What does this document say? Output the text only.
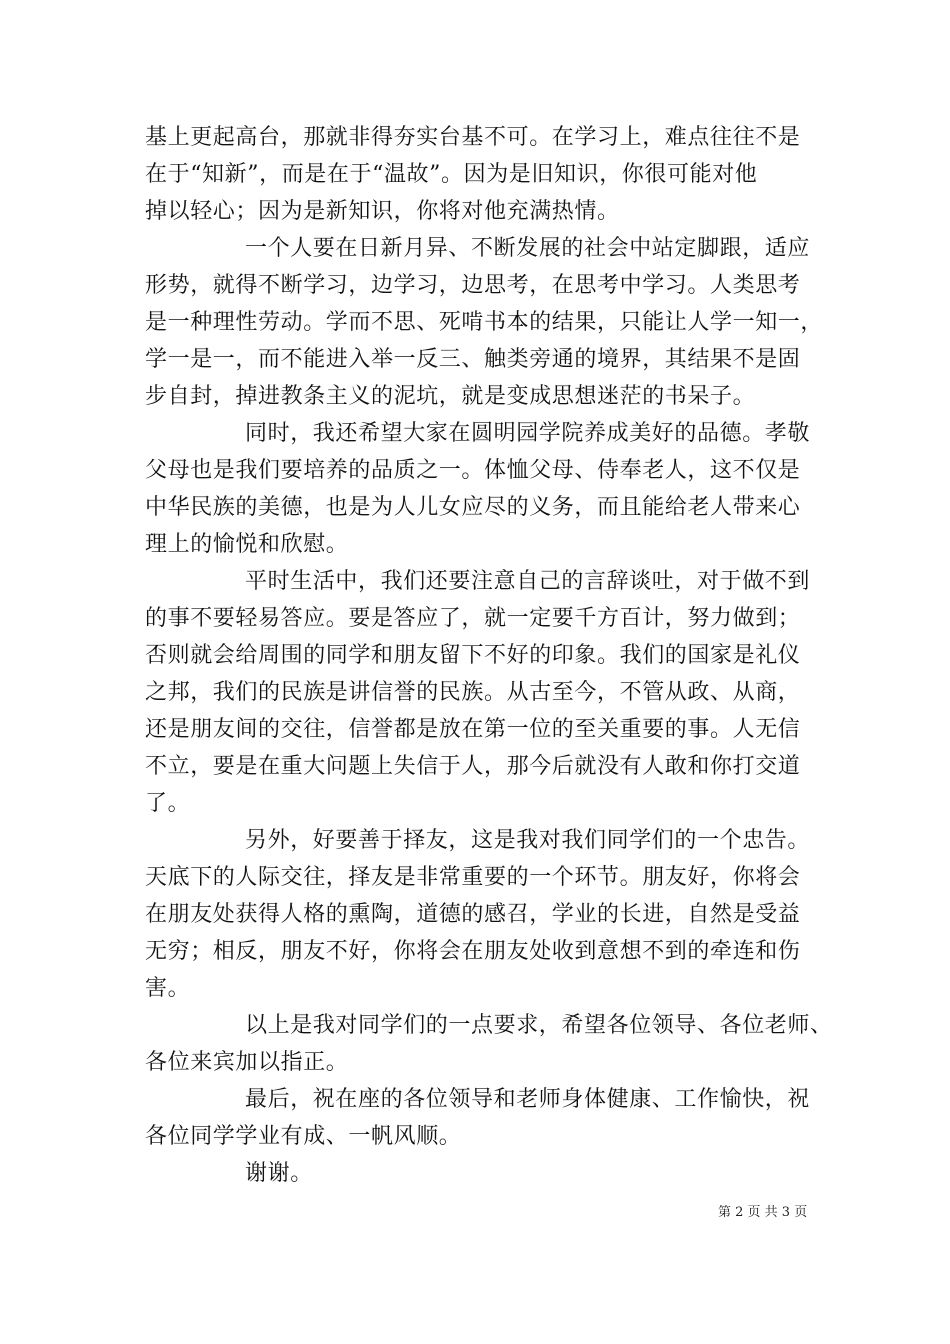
基上更起高台，那就非得夯实台基不可。在学习上，难点往往不是
在于“知新”，而是在于“温故”。因为是旧知识，你很可能对他
掉以轻心；因为是新知识，你将对他充满热情。
一个人要在日新月异、不断发展的社会中站定脚跟，适应
形势，就得不断学习，边学习，边思考，在思考中学习。人类思考
是一种理性劳动。学而不思、死啃书本的结果，只能让人学一知一，
学一是一，而不能进入举一反三、触类旁通的境界，其结果不是固
步自封，掉进教条主义的泥坑，就是变成思想迷茫的书呆子。
同时，我还希望大家在圆明园学院养成美好的品德。孝敬
父母也是我们要培养的品质之一。体恤父母、侍奉老人，这不仅是
中华民族的美德，也是为人儿女应尽的义务，而且能给老人带来心
理上的愉悦和欣慰。
平时生活中，我们还要注意自己的言辞谈吐，对于做不到
的事不要轻易答应。要是答应了，就一定要千方百计，努力做到；
否则就会给周围的同学和朋友留下不好的印象。我们的国家是礼仪
之邦，我们的民族是讲信誉的民族。从古至今，不管从政、从商，
还是朋友间的交往，信誉都是放在第一位的至关重要的事。人无信
不立，要是在重大问题上失信于人，那今后就没有人敢和你打交道
了。
另外，好要善于择友，这是我对我们同学们的一个忠告。
天底下的人际交往，择友是非常重要的一个环节。朋友好，你将会
在朋友处获得人格的熏陶，道德的感召，学业的长进，自然是受益
无穷；相反，朋友不好，你将会在朋友处收到意想不到的牵连和伤
害。
以上是我对同学们的一点要求，希望各位领导、各位老师、
各位来宾加以指正。
最后，祝在座的各位领导和老师身体健康、工作愉快，祝
各位同学学业有成、一帆风顺。
谢谢。
第 2 页 共 3 页
